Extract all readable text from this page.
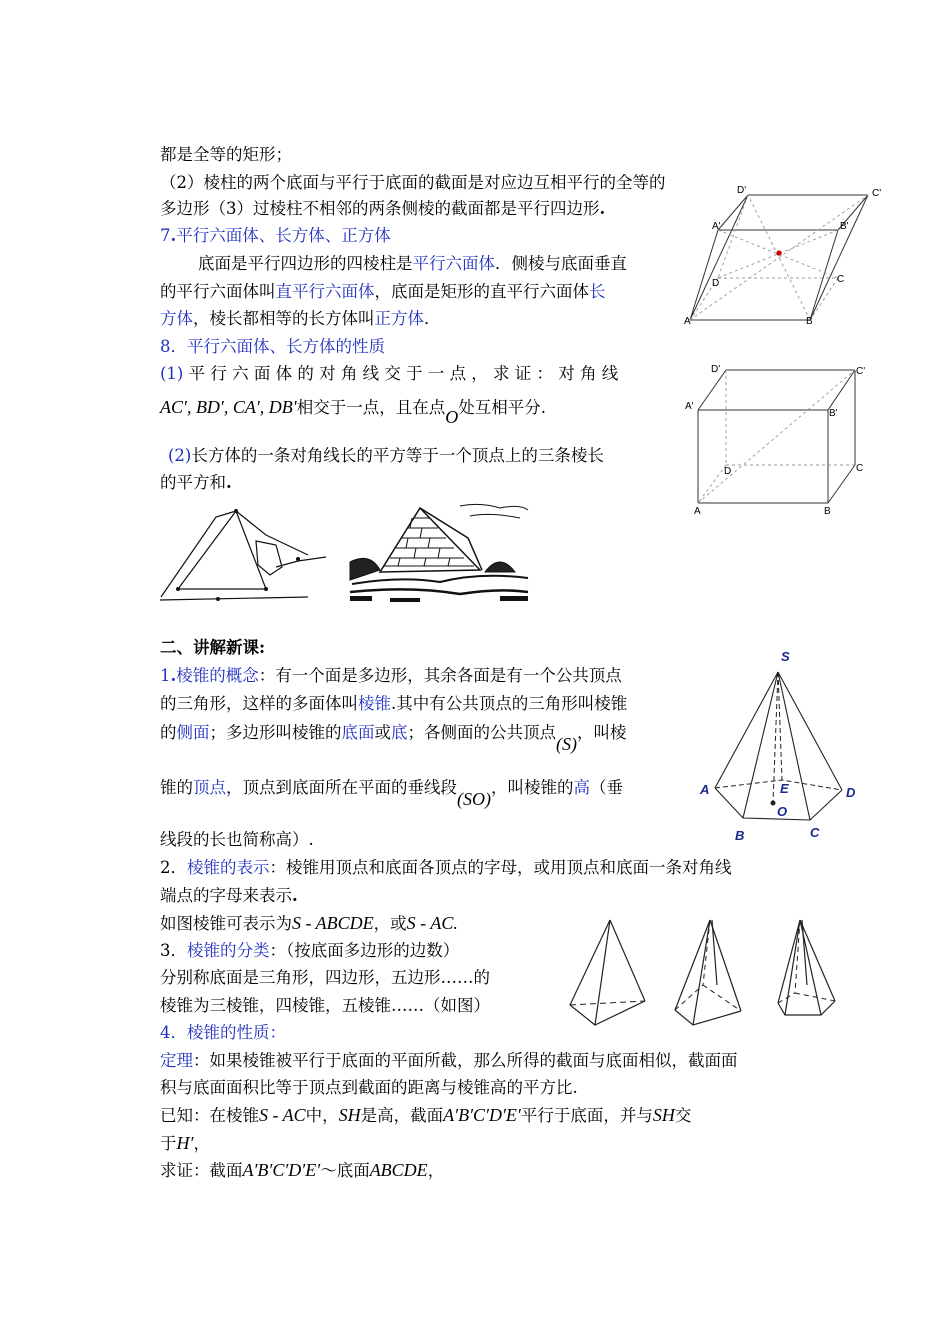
都是全等的矩形；
（2）棱柱的两个底面与平行于底面的截面是对应边互相平行的全等的
多边形（3）过棱柱不相邻的两条侧棱的截面都是平行四边形.
7.平行六面体、长方体、正方体
底面是平行四边形的四棱柱是平行六面体．侧棱与底面垂直
的平行六面体叫直平行六面体，底面是矩形的直平行六面体长
方体，棱长都相等的长方体叫正方体．
8．平行六面体、长方体的性质
(1) 平 行 六 面 体 的 对 角 线 交 于 一 点 ， 求 证 ： 对 角 线
AC′, BD′, CA′, DB′相交于一点，且在点O处互相平分.
(2)长方体的一条对角线长的平方等于一个顶点上的三条棱长
的平方和.
D'	C'
A'	B'
D	C
A	B
D'	C'
A'
B'
D	C
A	B
二、讲解新课:
1.棱锥的概念：有一个面是多边形，其余各面是有一个公共顶点
的三角形，这样的多面体叫棱锥.其中有公共顶点的三角形叫棱锥
的侧面；多边形叫棱锥的底面或底；各侧面的公共顶点(S)，叫棱
锥的顶点，顶点到底面所在平面的垂线段(SO)，叫棱锥的高（垂
线段的长也简称高）.
2．棱锥的表示：棱锥用顶点和底面各顶点的字母，或用顶点和底面一条对角线
端点的字母来表示.
如图棱锥可表示为S - ABCDE，或S - AC.
3．棱锥的分类：（按底面多边形的边数）
分别称底面是三角形，四边形，五边形……的
棱锥为三棱锥，四棱锥，五棱锥……（如图）
4．棱锥的性质：
定理：如果棱锥被平行于底面的平面所截，那么所得的截面与底面相似，截面面
积与底面面积比等于顶点到截面的距离与棱锥高的平方比.
已知：在棱锥S - AC中，SH是高，截面A′B′C′D′E′平行于底面，并与SH交
于H′，
求证：截面A′B′C′D′E′～底面ABCDE，
S
A
B	C
D
E
O
